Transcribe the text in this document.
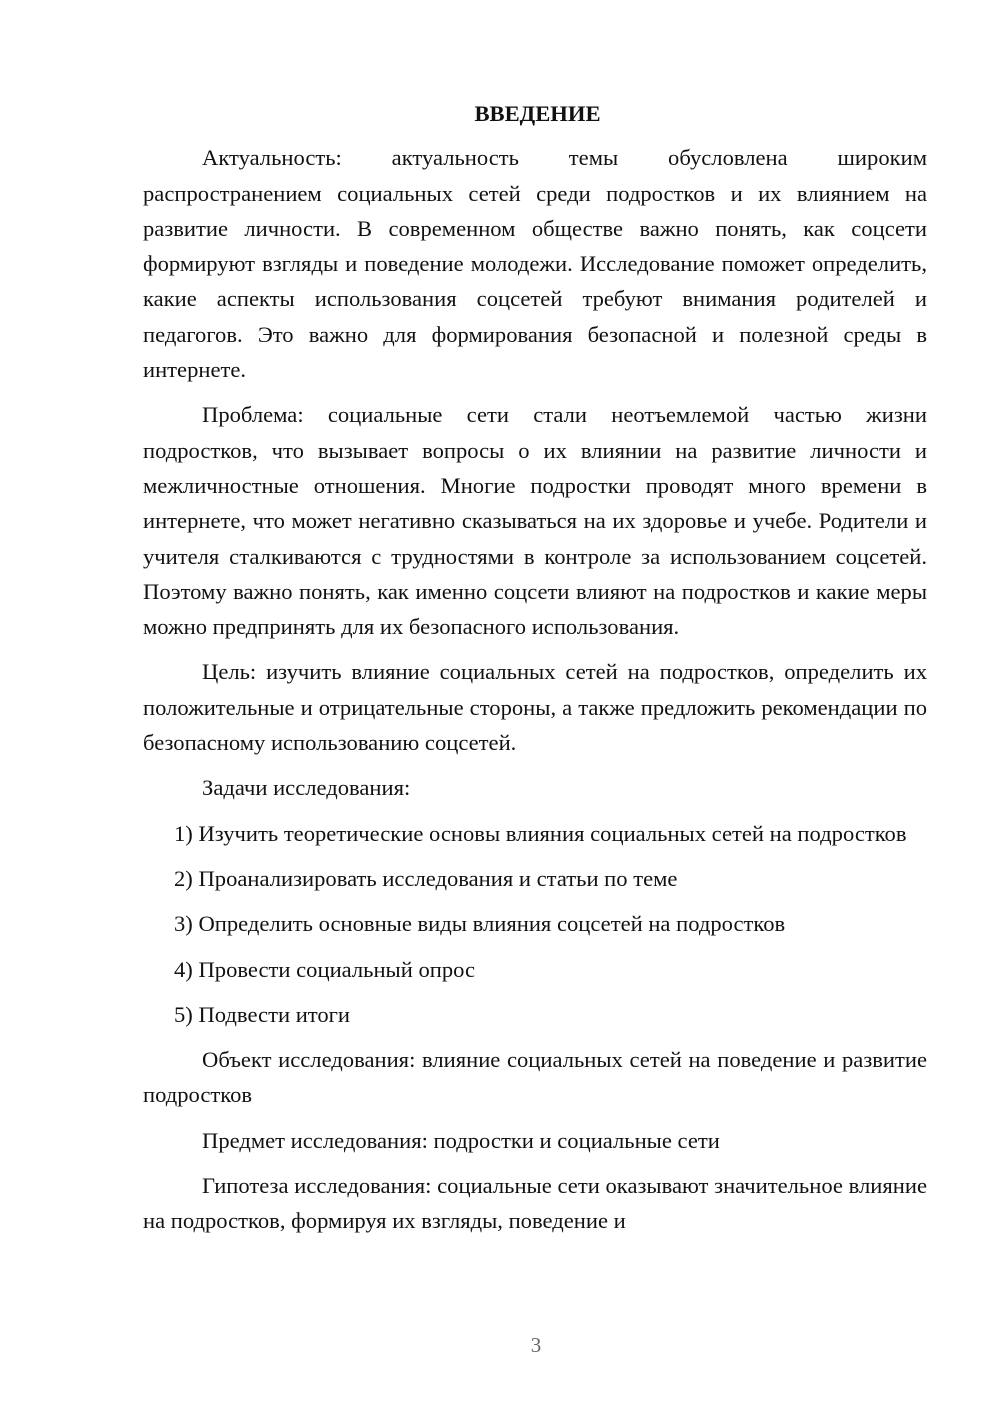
ВВЕДЕНИЕ

Актуальность: актуальность темы обусловлена широким распространением социальных сетей среди подростков и их влиянием на развитие личности. В современном обществе важно понять, как соцсети формируют взгляды и поведение молодежи. Исследование поможет определить, какие аспекты использования соцсетей требуют внимания родителей и педагогов. Это важно для формирования безопасной и полезной среды в интернете.

Проблема: социальные сети стали неотъемлемой частью жизни подростков, что вызывает вопросы о их влиянии на развитие личности и межличностные отношения. Многие подростки проводят много времени в интернете, что может негативно сказываться на их здоровье и учебе. Родители и учителя сталкиваются с трудностями в контроле за использованием соцсетей. Поэтому важно понять, как именно соцсети влияют на подростков и какие меры можно предпринять для их безопасного использования.

Цель: изучить влияние социальных сетей на подростков, определить их положительные и отрицательные стороны, а также предложить рекомендации по безопасному использованию соцсетей.

Задачи исследования:

1) Изучить теоретические основы влияния социальных сетей на подростков
2) Проанализировать исследования и статьи по теме
3) Определить основные виды влияния соцсетей на подростков
4) Провести социальный опрос
5) Подвести итоги

Объект исследования: влияние социальных сетей на поведение и развитие подростков

Предмет исследования: подростки и социальные сети

Гипотеза исследования: социальные сети оказывают значительное влияние на подростков, формируя их взгляды, поведение и

3
